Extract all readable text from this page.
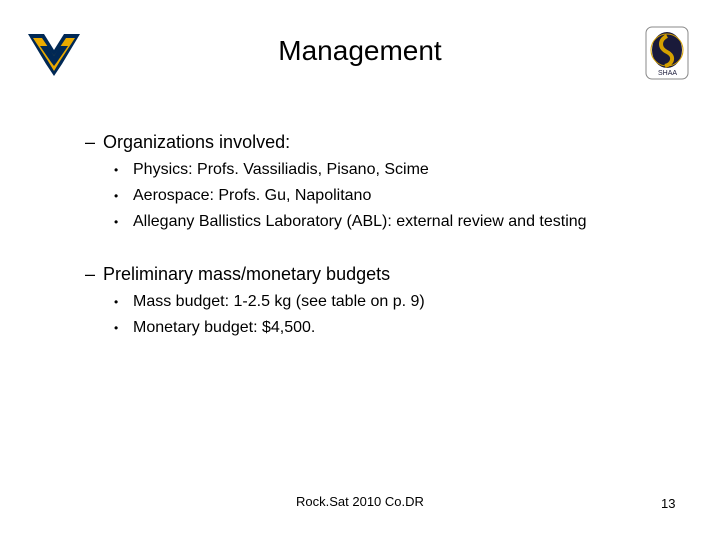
Management
SHAA
– Organizations involved:
• Physics: Profs. Vassiliadis, Pisano, Scime
• Aerospace: Profs. Gu, Napolitano
• Allegany Ballistics Laboratory (ABL): external review and testing
– Preliminary mass/monetary budgets
• Mass budget: 1-2.5 kg (see table on p. 9)
• Monetary budget: $4,500.
Rock.Sat 2010 Co.DR	13
